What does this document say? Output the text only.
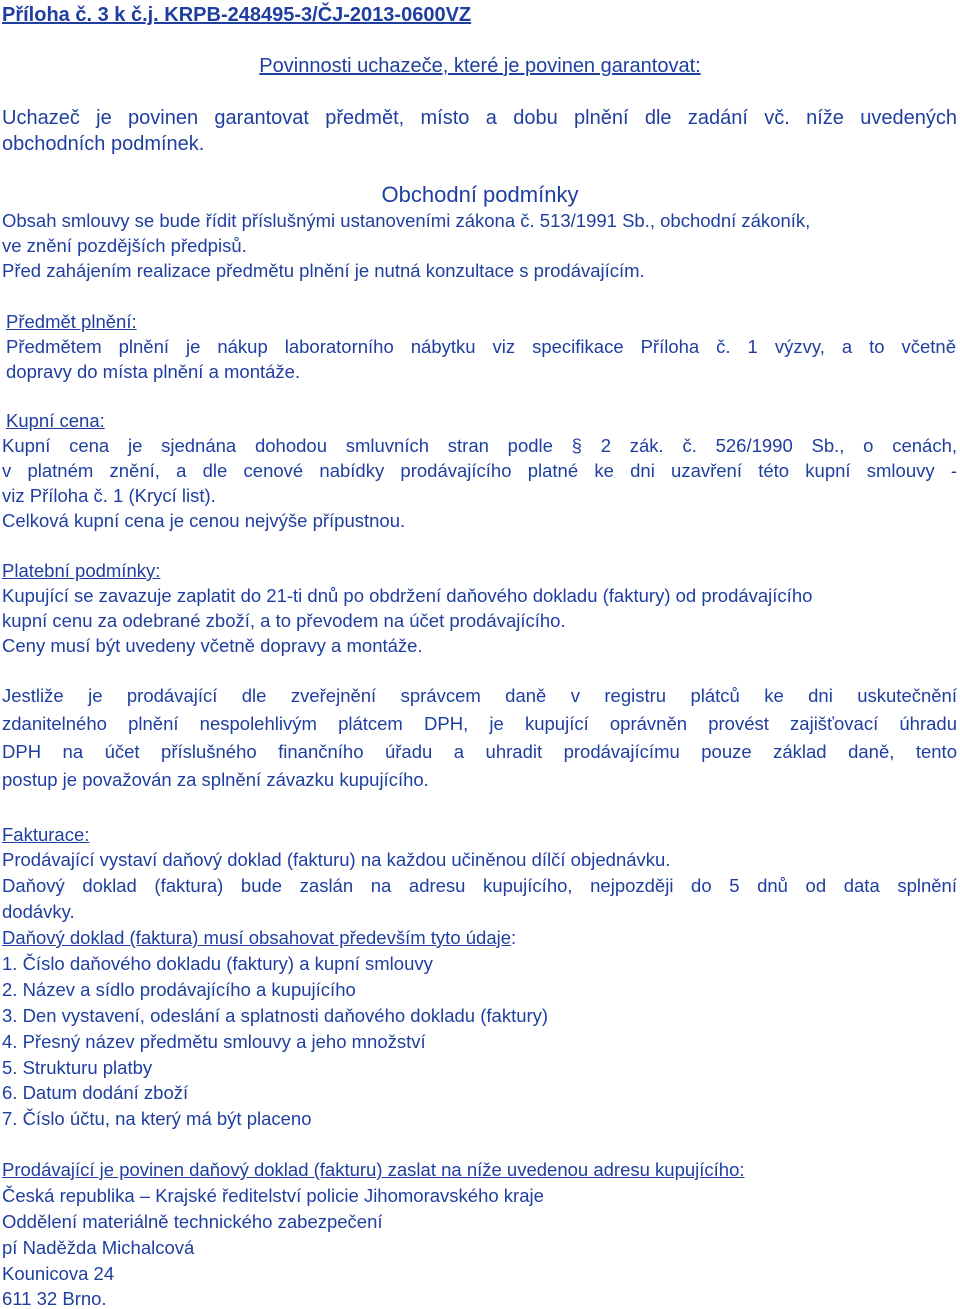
Příloha č. 3 k č.j. KRPB-248495-3/ČJ-2013-0600VZ
Povinnosti uchazeče, které je povinen garantovat:
Uchazeč je povinen garantovat předmět, místo a dobu plnění dle zadání vč. níže uvedených
obchodních podmínek.
Obchodní podmínky
Obsah smlouvy se bude řídit příslušnými ustanoveními zákona č. 513/1991 Sb., obchodní zákoník,
ve znění pozdějších předpisů.
Před zahájením realizace předmětu plnění je nutná konzultace s prodávajícím.
Předmět plnění:
Předmětem plnění je nákup laboratorního nábytku viz specifikace Příloha č. 1 výzvy, a to včetně
dopravy do místa plnění a montáže.
Kupní cena:
Kupní cena je sjednána dohodou smluvních stran podle § 2 zák. č. 526/1990 Sb., o cenách,
v platném znění, a dle cenové nabídky prodávajícího platné ke dni uzavření této kupní smlouvy -
viz Příloha č. 1 (Krycí list).
Celková kupní cena je cenou nejvýše přípustnou.
Platební podmínky:
Kupující se zavazuje zaplatit do 21-ti dnů po obdržení daňového dokladu (faktury) od prodávajícího
kupní cenu za odebrané zboží, a to převodem na účet prodávajícího.
Ceny musí být uvedeny včetně dopravy a montáže.
Jestliže je prodávající dle zveřejnění správcem daně v registru plátců ke dni uskutečnění
zdanitelného plnění nespolehlivým plátcem DPH, je kupující oprávněn provést zajišťovací úhradu
DPH na účet příslušného finančního úřadu a uhradit prodávajícímu pouze základ daně, tento
postup je považován za splnění závazku kupujícího.
Fakturace:
Prodávající vystaví daňový doklad (fakturu) na každou učiněnou dílčí objednávku.
Daňový doklad (faktura) bude zaslán na adresu kupujícího, nejpozději do 5 dnů od data splnění
dodávky.
Daňový doklad (faktura) musí obsahovat především tyto údaje:
1. Číslo daňového dokladu (faktury) a kupní smlouvy
2. Název a sídlo prodávajícího a kupujícího
3. Den vystavení, odeslání a splatnosti daňového dokladu (faktury)
4. Přesný název předmětu smlouvy a jeho množství
5. Strukturu platby
6. Datum dodání zboží
7. Číslo účtu, na který má být placeno
Prodávající je povinen daňový doklad (fakturu) zaslat na níže uvedenou adresu kupujícího:
Česká republika – Krajské ředitelství policie Jihomoravského kraje
Oddělení materiálně technického zabezpečení
pí Naděžda Michalcová
Kounicova 24
611 32 Brno.
